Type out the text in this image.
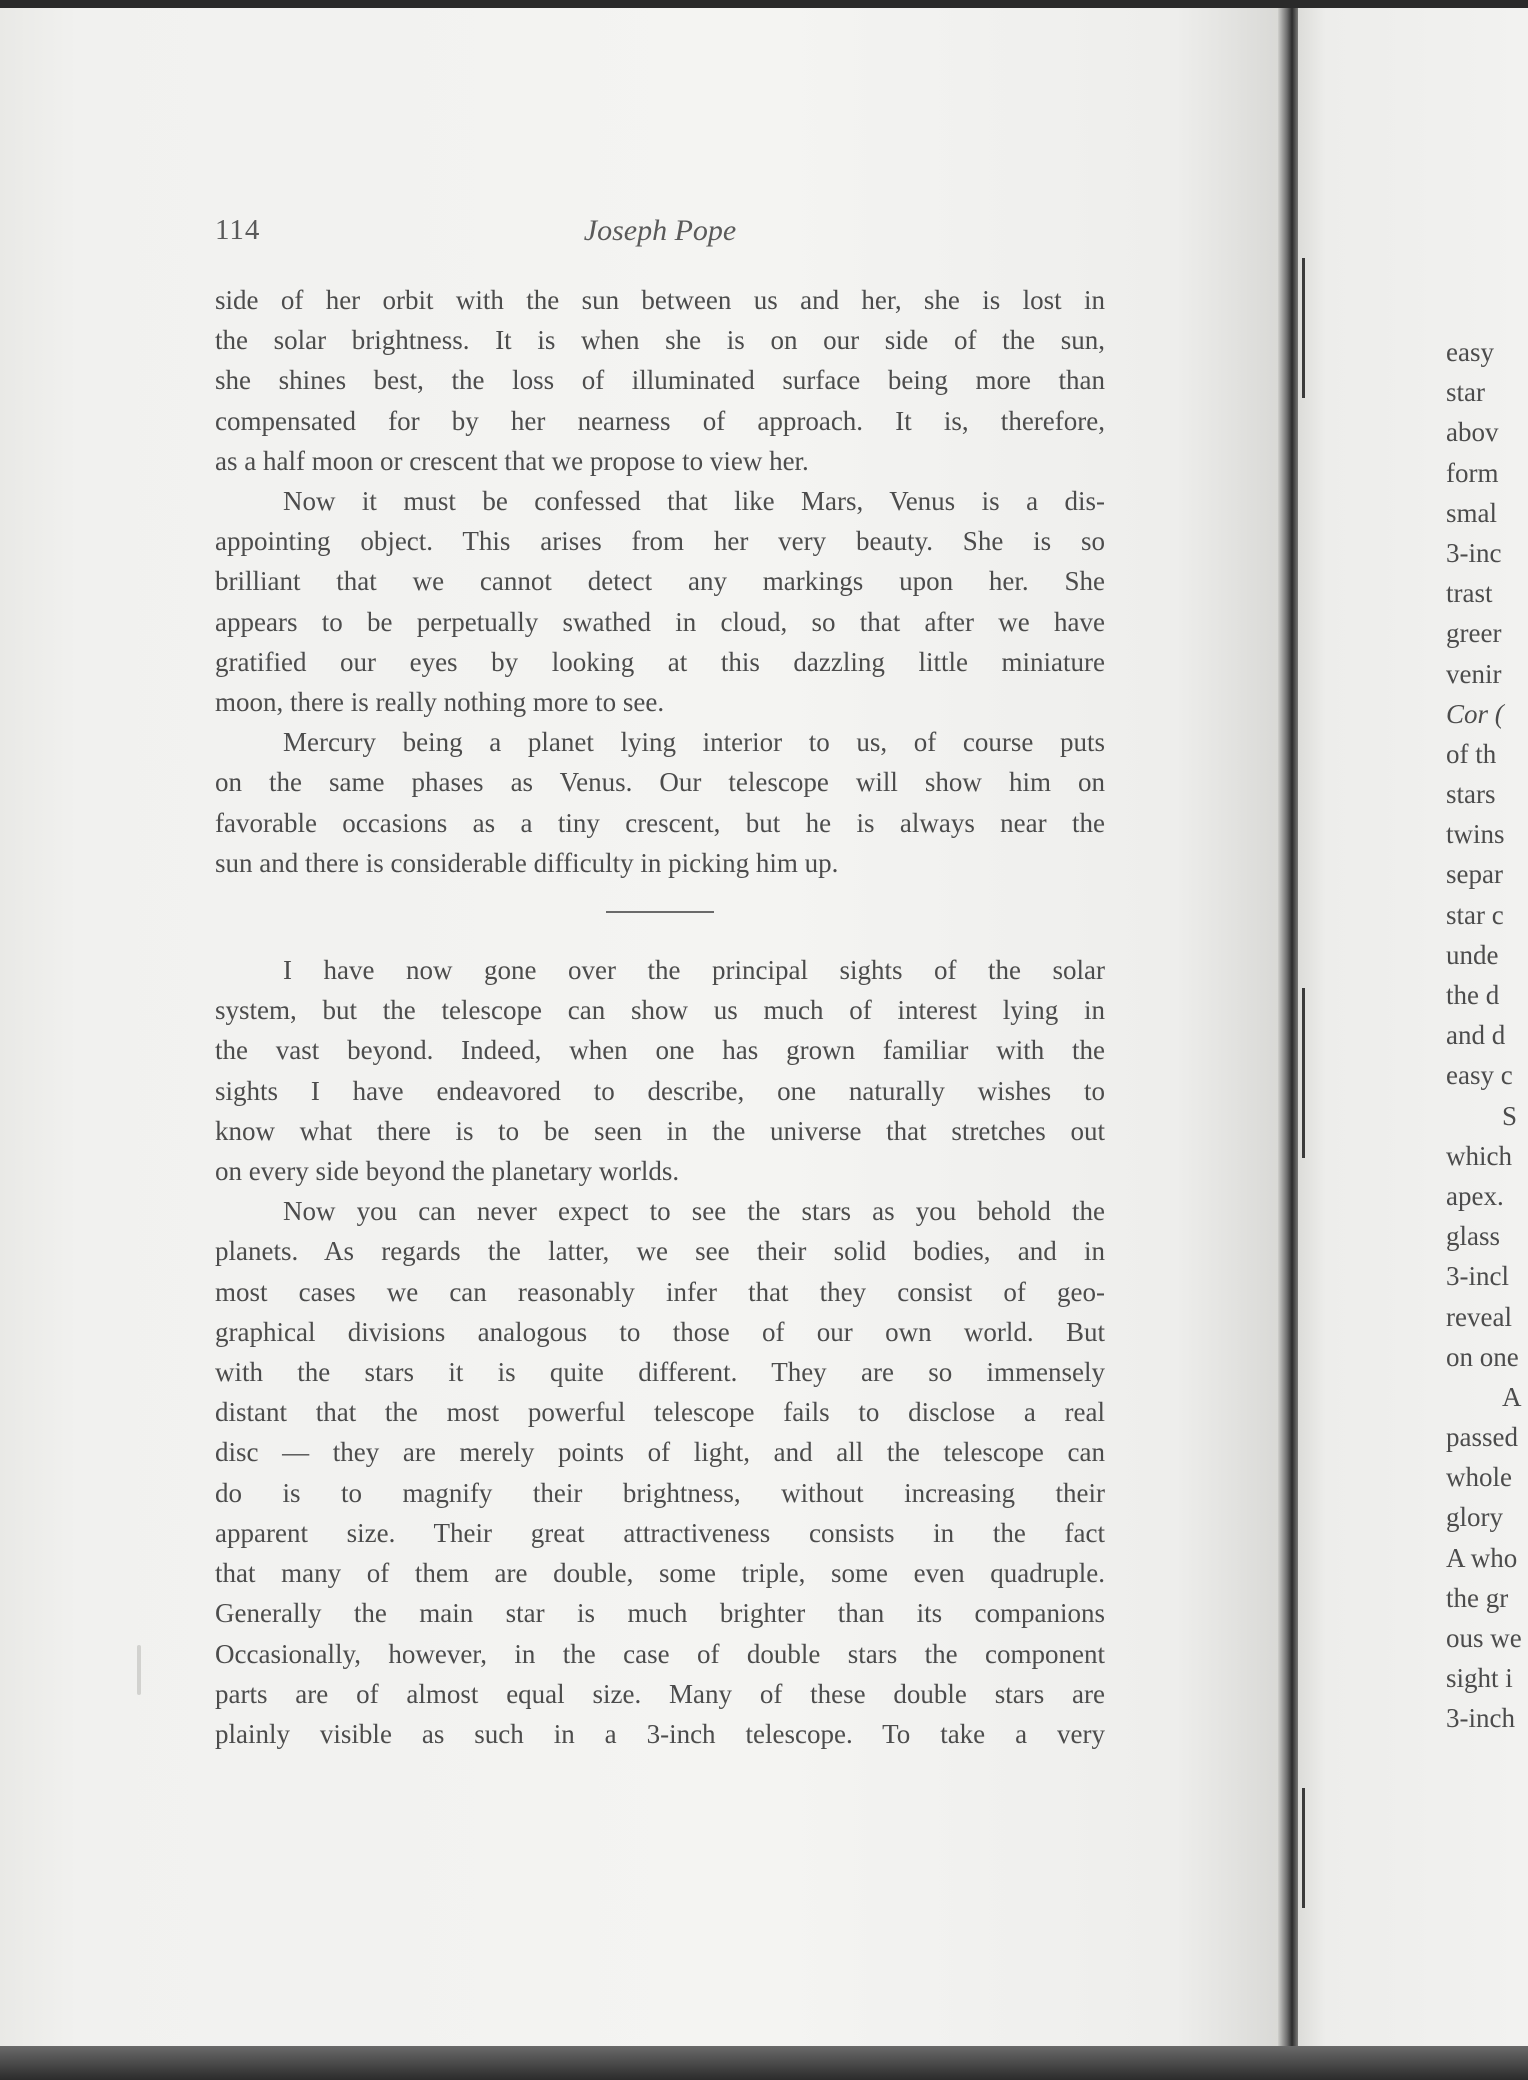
easy
star
abov
form
smal
3-inc
trast
greer
venir
Cor (
of th
stars
twins
separ
star c
unde
the d
and d
easy c
S
which
apex.
glass
3-incl
reveal
on one
A
passed
whole
glory
A who
the gr
ous we
sight i
3-inch
114	Joseph Pope

side of her orbit with the sun between us and her, she is lost in
the solar brightness. It is when she is on our side of the sun,
she shines best, the loss of illuminated surface being more than
compensated for by her nearness of approach. It is, therefore,
as a half moon or crescent that we propose to view her.

Now it must be confessed that like Mars, Venus is a dis-
appointing object. This arises from her very beauty. She is so
brilliant that we cannot detect any markings upon her. She
appears to be perpetually swathed in cloud, so that after we have
gratified our eyes by looking at this dazzling little miniature
moon, there is really nothing more to see.

Mercury being a planet lying interior to us, of course puts
on the same phases as Venus. Our telescope will show him on
favorable occasions as a tiny crescent, but he is always near the
sun and there is considerable difficulty in picking him up.

I have now gone over the principal sights of the solar
system, but the telescope can show us much of interest lying in
the vast beyond. Indeed, when one has grown familiar with the
sights I have endeavored to describe, one naturally wishes to
know what there is to be seen in the universe that stretches out
on every side beyond the planetary worlds.

Now you can never expect to see the stars as you behold the
planets. As regards the latter, we see their solid bodies, and in
most cases we can reasonably infer that they consist of geo-
graphical divisions analogous to those of our own world. But
with the stars it is quite different. They are so immensely
distant that the most powerful telescope fails to disclose a real
disc — they are merely points of light, and all the telescope can
do is to magnify their brightness, without increasing their
apparent size. Their great attractiveness consists in the fact
that many of them are double, some triple, some even quadruple.
Generally the main star is much brighter than its companions
Occasionally, however, in the case of double stars the component
parts are of almost equal size. Many of these double stars are
plainly visible as such in a 3-inch telescope. To take a very
